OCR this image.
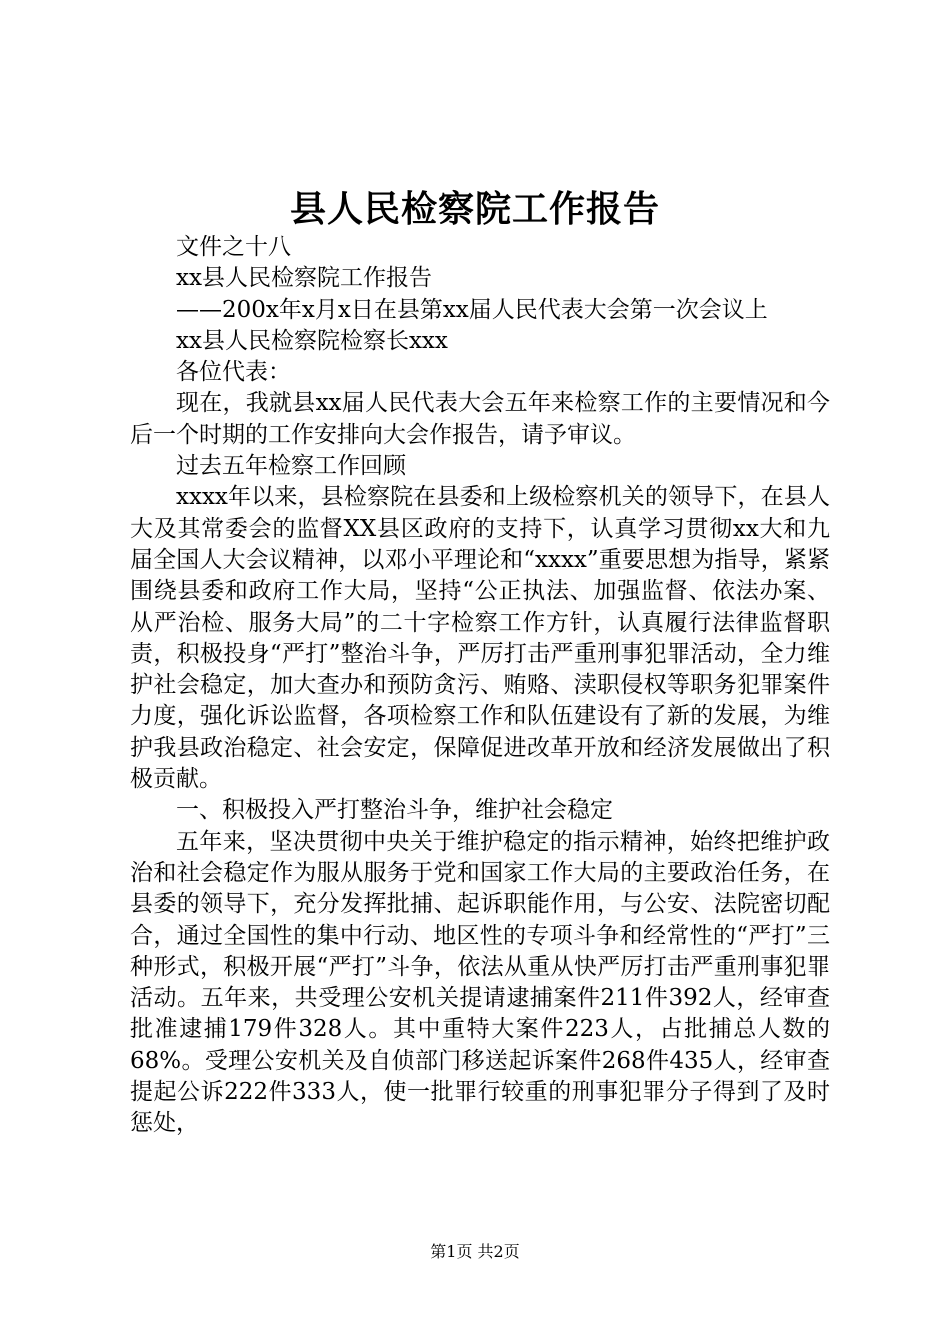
县人民检察院工作报告

文件之十八

xx县人民检察院工作报告

——200x年x月x日在县第xx届人民代表大会第一次会议上

xx县人民检察院检察长xxx

各位代表：

现在，我就县xx届人民代表大会五年来检察工作的主要情况和今后一个时期的工作安排向大会作报告，请予审议。

过去五年检察工作回顾

xxxx年以来，县检察院在县委和上级检察机关的领导下，在县人大及其常委会的监督XX县区政府的支持下，认真学习贯彻xx大和九届全国人大会议精神，以邓小平理论和“xxxx”重要思想为指导，紧紧围绕县委和政府工作大局，坚持“公正执法、加强监督、依法办案、从严治检、服务大局”的二十字检察工作方针，认真履行法律监督职责，积极投身“严打”整治斗争，严厉打击严重刑事犯罪活动，全力维护社会稳定，加大查办和预防贪污、贿赂、渎职侵权等职务犯罪案件力度，强化诉讼监督，各项检察工作和队伍建设有了新的发展，为维护我县政治稳定、社会安定，保障促进改革开放和经济发展做出了积极贡献。

一、积极投入严打整治斗争，维护社会稳定

五年来，坚决贯彻中央关于维护稳定的指示精神，始终把维护政治和社会稳定作为服从服务于党和国家工作大局的主要政治任务，在县委的领导下，充分发挥批捕、起诉职能作用，与公安、法院密切配合，通过全国性的集中行动、地区性的专项斗争和经常性的“严打”三种形式，积极开展“严打”斗争，依法从重从快严厉打击严重刑事犯罪活动。五年来，共受理公安机关提请逮捕案件211件392人，经审查批准逮捕179件328人。其中重特大案件223人，占批捕总人数的68%。受理公安机关及自侦部门移送起诉案件268件435人，经审查提起公诉222件333人，使一批罪行较重的刑事犯罪分子得到了及时惩处，

第1页 共2页
